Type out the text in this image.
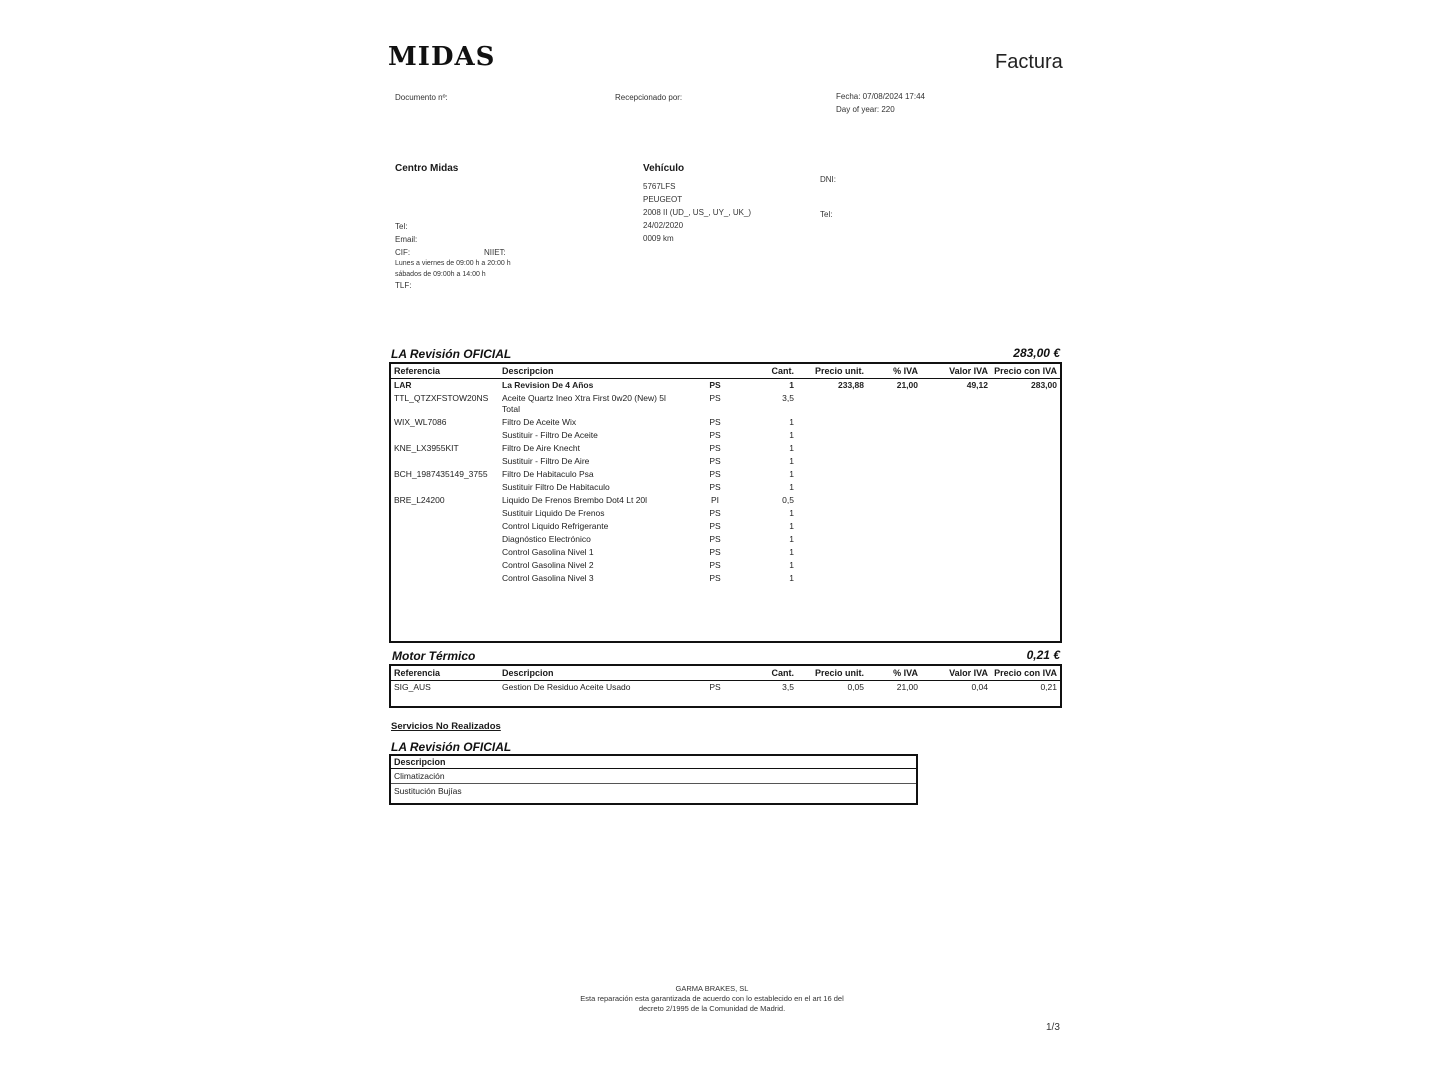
MIDAS	Factura
Documento nº:	Recepcionado por:	Fecha: 07/08/2024 17:44
Day of year: 220
Centro Midas
Tel:
Email:
CIF:	NIIET:
Lunes a viernes de 09:00 h a 20:00 h
sábados de 09:00h a 14:00 h
TLF:
Vehículo
5767LFS
PEUGEOT
2008 II (UD_, US_, UY_, UK_)
24/02/2020
0009 km
DNI:
Tel:
LA Revisión OFICIAL	283,00 €
Referencia	Descripcion		Cant.	Precio unit.	% IVA	Valor IVA	Precio con IVA
LAR	La Revision De 4 Años	PS	1	233,88	21,00	49,12	283,00
TTL_QTZXFSTOW20NS	Aceite Quartz Ineo Xtra First 0w20 (New) 5l Total	PS	3,5				
WIX_WL7086	Filtro De Aceite Wix	PS	1				
	Sustituir - Filtro De Aceite	PS	1				
KNE_LX3955KIT	Filtro De Aire Knecht	PS	1				
	Sustituir - Filtro De Aire	PS	1				
BCH_1987435149_3755	Filtro De Habitaculo Psa	PS	1				
	Sustituir Filtro De Habitaculo	PS	1				
BRE_L24200	Liquido De Frenos Brembo Dot4 Lt 20l	PI	0,5				
	Sustituir Liquido De Frenos	PS	1				
	Control Liquido Refrigerante	PS	1				
	Diagnóstico Electrónico	PS	1				
	Control Gasolina Nivel 1	PS	1				
	Control Gasolina Nivel 2	PS	1				
	Control Gasolina Nivel 3	PS	1				
Motor Térmico	0,21 €
Referencia	Descripcion		Cant.	Precio unit.	% IVA	Valor IVA	Precio con IVA
SIG_AUS	Gestion De Residuo Aceite Usado	PS	3,5	0,05	21,00	0,04	0,21
Servicios No Realizados
LA Revisión OFICIAL
Descripcion
Climatización
Sustitución Bujías
GARMA BRAKES, SL
Esta reparación esta garantizada de acuerdo con lo establecido en el art 16 del
decreto 2/1995 de la Comunidad de Madrid.
1/3
